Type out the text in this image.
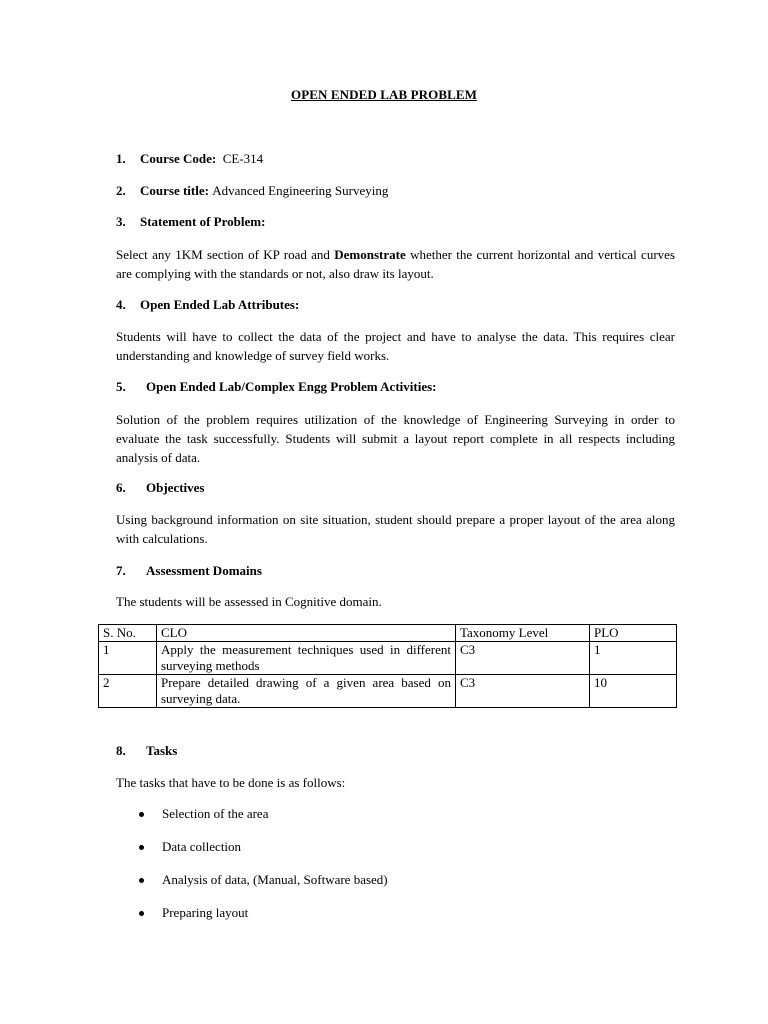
OPEN ENDED LAB PROBLEM
1. Course Code: CE-314
2. Course title: Advanced Engineering Surveying
3. Statement of Problem:
Select any 1KM section of KP road and Demonstrate whether the current horizontal and vertical curves are complying with the standards or not, also draw its layout.
4. Open Ended Lab Attributes:
Students will have to collect the data of the project and have to analyse the data. This requires clear understanding and knowledge of survey field works.
5. Open Ended Lab/Complex Engg Problem Activities:
Solution of the problem requires utilization of the knowledge of Engineering Surveying in order to evaluate the task successfully. Students will submit a layout report complete in all respects including analysis of data.
6. Objectives
Using background information on site situation, student should prepare a proper layout of the area along with calculations.
7. Assessment Domains
The students will be assessed in Cognitive domain.
S. No.	CLO	Taxonomy Level	PLO
1	Apply the measurement techniques used in different surveying methods	C3	1
2	Prepare detailed drawing of a given area based on surveying data.	C3	10
8. Tasks
The tasks that have to be done is as follows:
Selection of the area
Data collection
Analysis of data, (Manual, Software based)
Preparing layout
